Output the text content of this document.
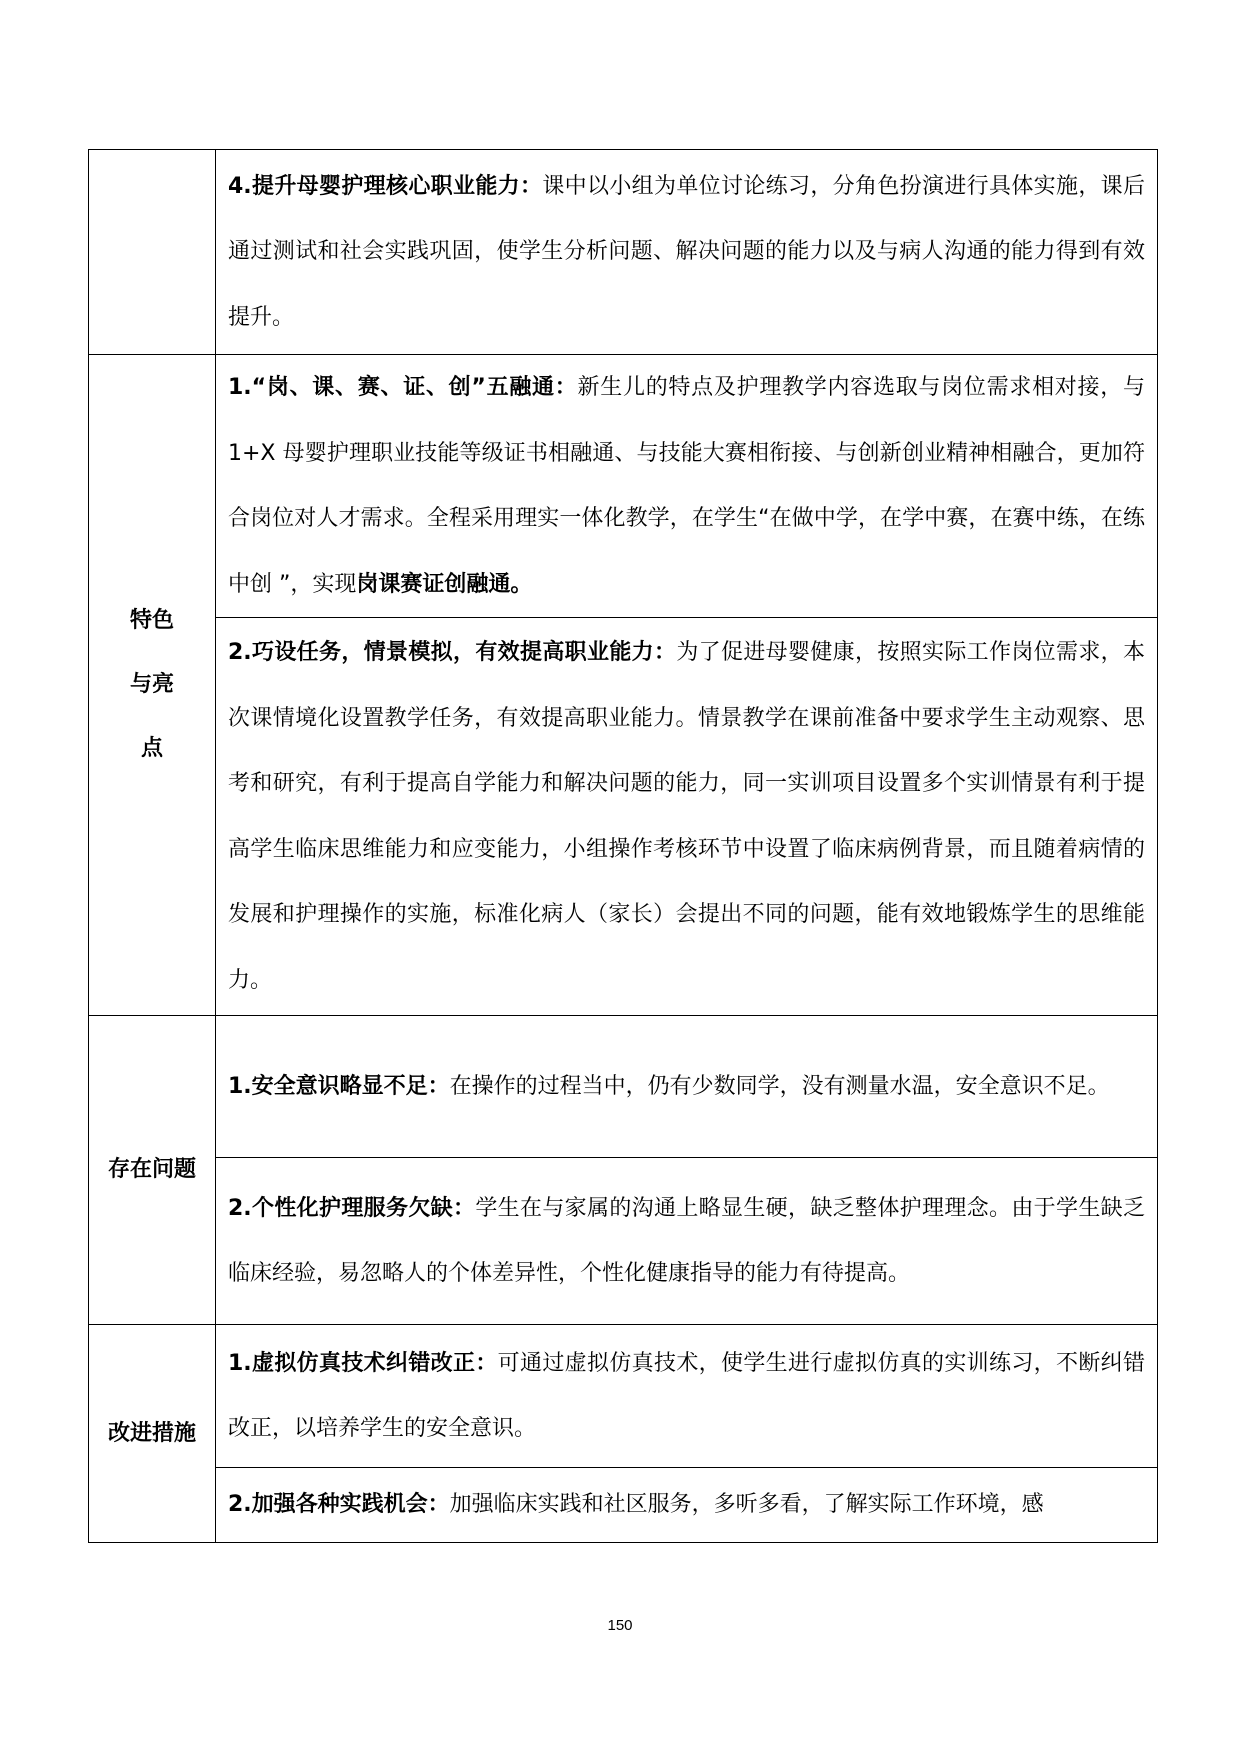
	4.提升母婴护理核心职业能力：课中以小组为单位讨论练习，分角色扮演进行具体实施，课后通过测试和社会实践巩固，使学生分析问题、解决问题的能力以及与病人沟通的能力得到有效提升。

特色与亮点	1.“岗、课、赛、证、创”五融通：新生儿的特点及护理教学内容选取与岗位需求相对接，与 1+X 母婴护理职业技能等级证书相融通、与技能大赛相衔接、与创新创业精神相融合，更加符合岗位对人才需求。全程采用理实一体化教学，在学生“在做中学，在学中赛，在赛中练，在练中创 ”，实现岗课赛证创融通。

	2.巧设任务，情景模拟，有效提高职业能力：为了促进母婴健康，按照实际工作岗位需求，本次课情境化设置教学任务，有效提高职业能力。情景教学在课前准备中要求学生主动观察、思考和研究，有利于提高自学能力和解决问题的能力，同一实训项目设置多个实训情景有利于提高学生临床思维能力和应变能力，小组操作考核环节中设置了临床病例背景，而且随着病情的发展和护理操作的实施，标准化病人（家长）会提出不同的问题，能有效地锻炼学生的思维能力。

存在问题	1.安全意识略显不足：在操作的过程当中，仍有少数同学，没有测量水温，安全意识不足。

	2.个性化护理服务欠缺：学生在与家属的沟通上略显生硬，缺乏整体护理理念。由于学生缺乏临床经验，易忽略人的个体差异性，个性化健康指导的能力有待提高。

改进措施	1.虚拟仿真技术纠错改正：可通过虚拟仿真技术，使学生进行虚拟仿真的实训练习，不断纠错改正，以培养学生的安全意识。

	2.加强各种实践机会：加强临床实践和社区服务，多听多看，了解实际工作环境，感

150
